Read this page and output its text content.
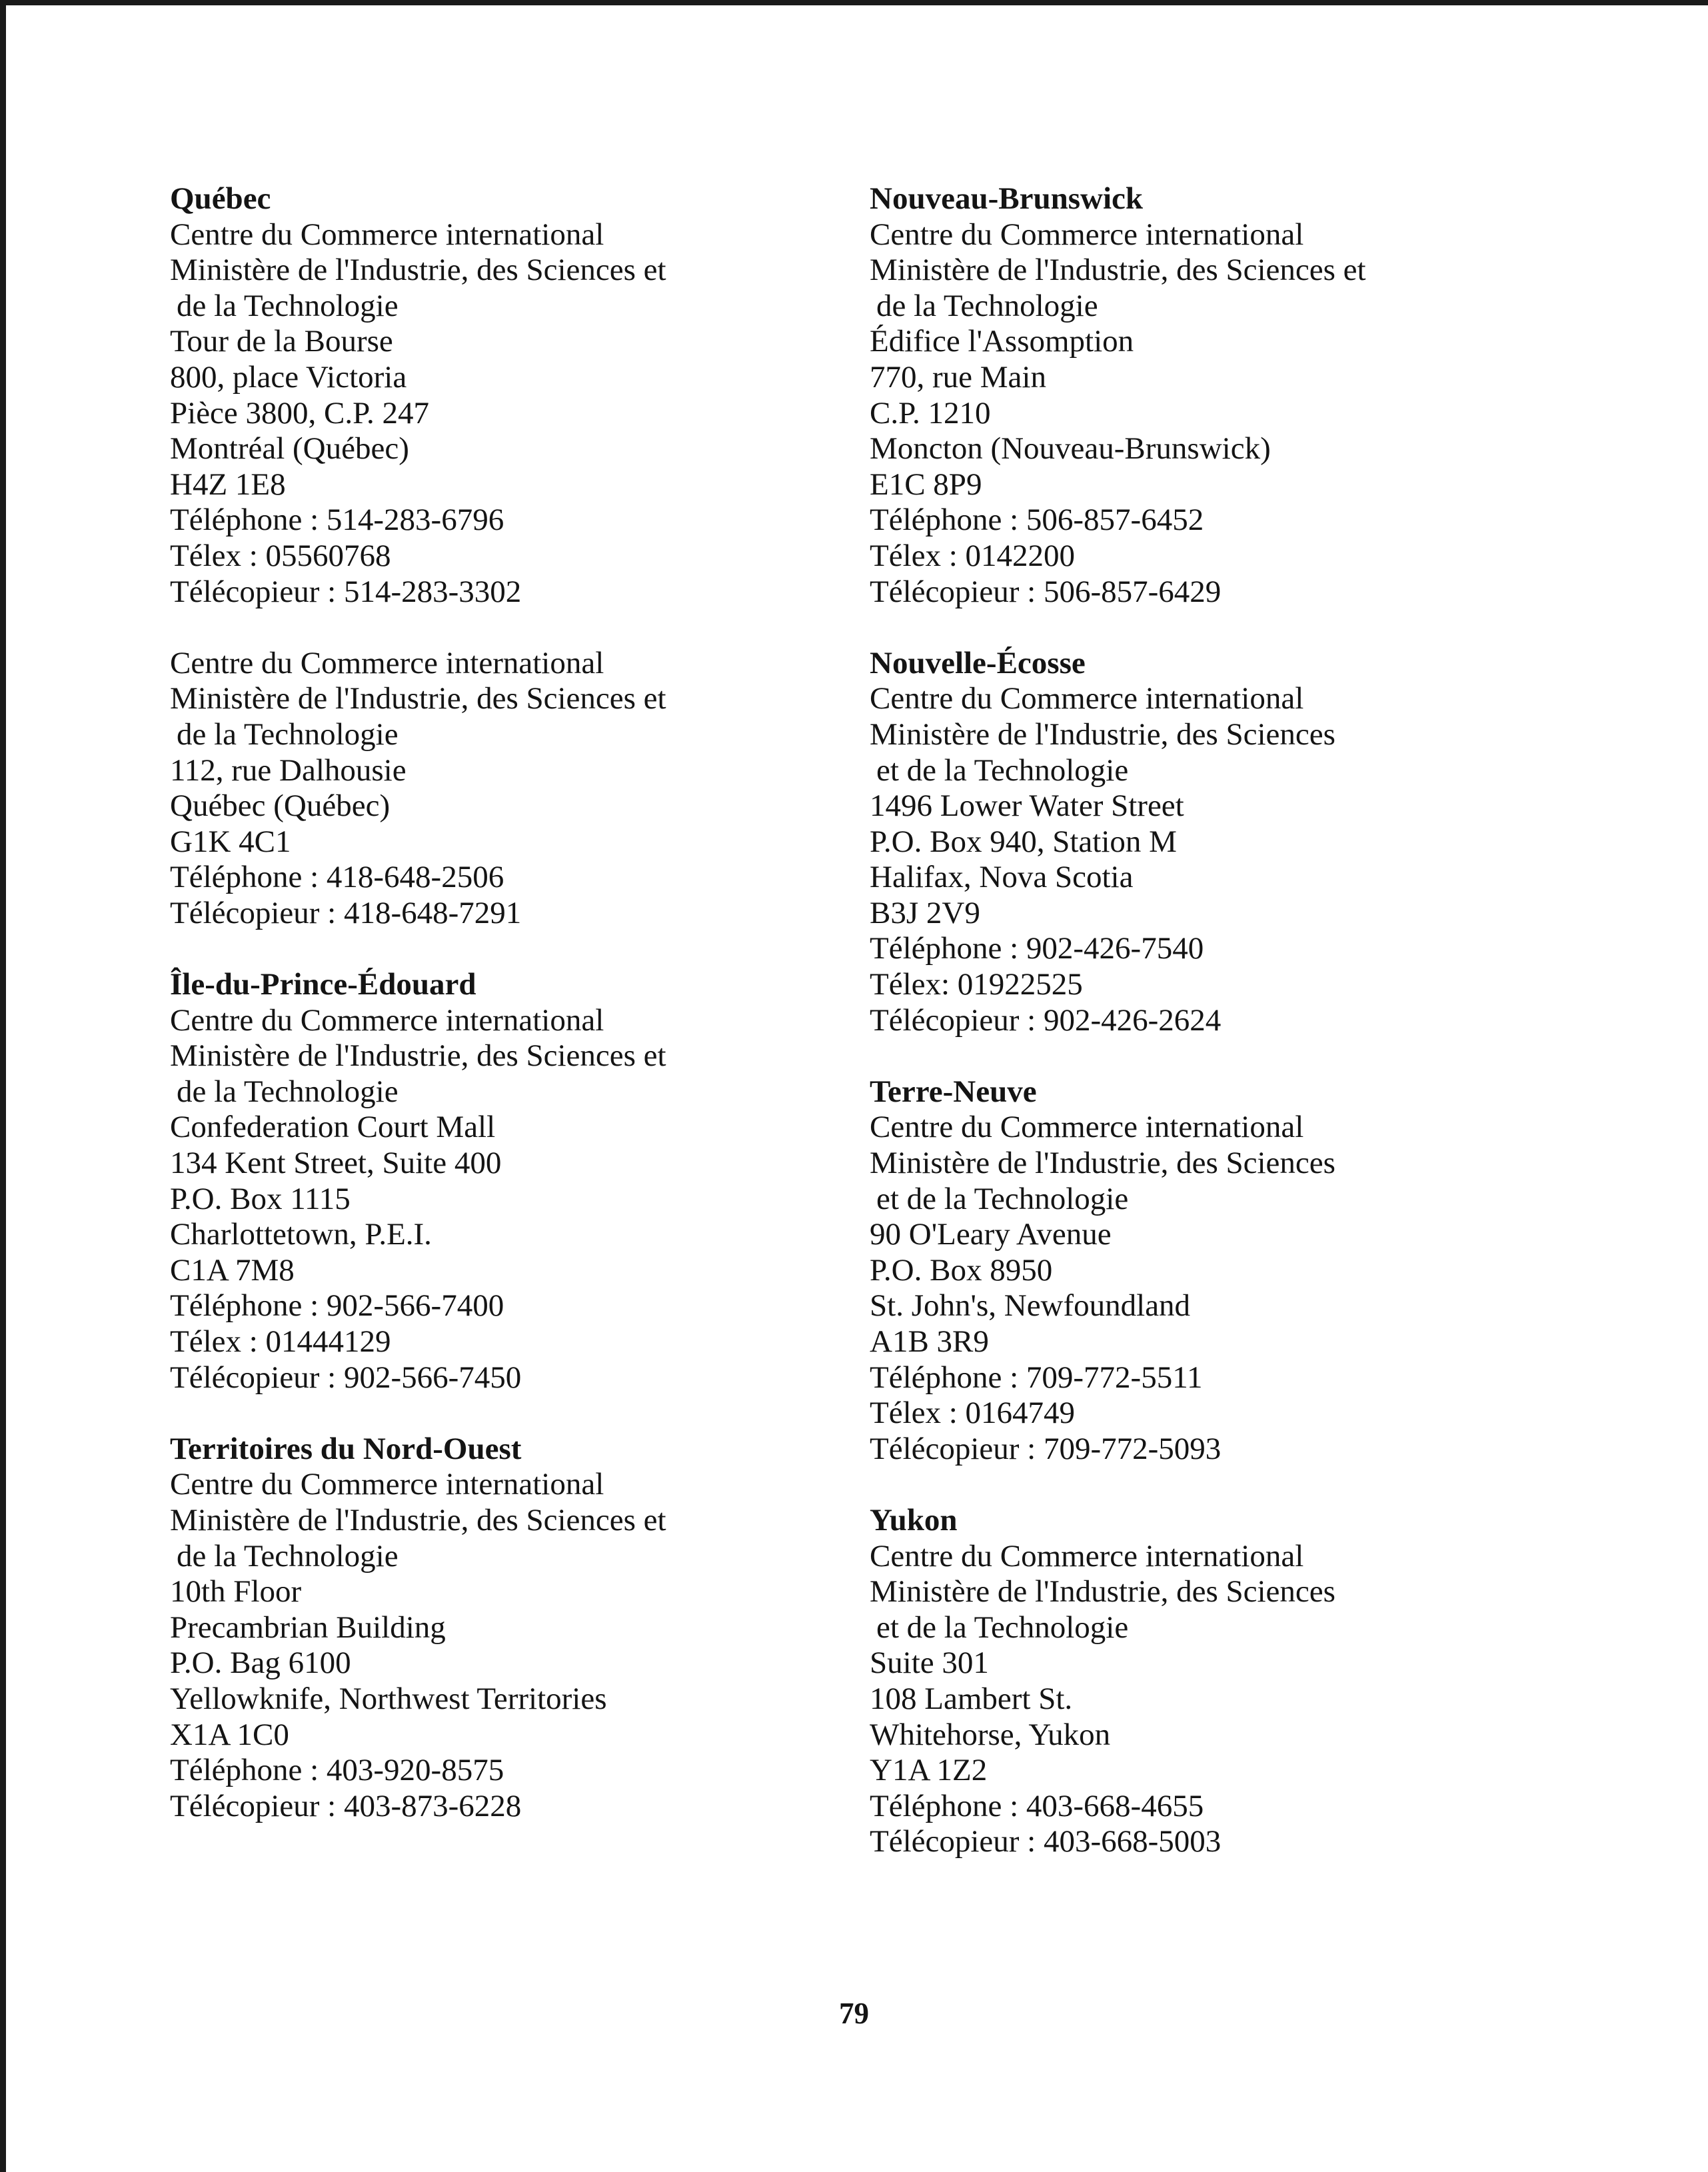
Québec
Centre du Commerce international
Ministère de l'Industrie, des Sciences et
de la Technologie
Tour de la Bourse
800, place Victoria
Pièce 3800, C.P. 247
Montréal (Québec)
H4Z 1E8
Téléphone : 514-283-6796
Télex : 05560768
Télécopieur : 514-283-3302
Centre du Commerce international
Ministère de l'Industrie, des Sciences et
de la Technologie
112, rue Dalhousie
Québec (Québec)
G1K 4C1
Téléphone : 418-648-2506
Télécopieur : 418-648-7291
Île-du-Prince-Édouard
Centre du Commerce international
Ministère de l'Industrie, des Sciences et
de la Technologie
Confederation Court Mall
134 Kent Street, Suite 400
P.O. Box 1115
Charlottetown, P.E.I.
C1A 7M8
Téléphone : 902-566-7400
Télex : 01444129
Télécopieur : 902-566-7450
Territoires du Nord-Ouest
Centre du Commerce international
Ministère de l'Industrie, des Sciences et
de la Technologie
10th Floor
Precambrian Building
P.O. Bag 6100
Yellowknife, Northwest Territories
X1A 1C0
Téléphone : 403-920-8575
Télécopieur : 403-873-6228
Nouveau-Brunswick
Centre du Commerce international
Ministère de l'Industrie, des Sciences et
de la Technologie
Édifice l'Assomption
770, rue Main
C.P. 1210
Moncton (Nouveau-Brunswick)
E1C 8P9
Téléphone : 506-857-6452
Télex : 0142200
Télécopieur : 506-857-6429
Nouvelle-Écosse
Centre du Commerce international
Ministère de l'Industrie, des Sciences
et de la Technologie
1496 Lower Water Street
P.O. Box 940, Station M
Halifax, Nova Scotia
B3J 2V9
Téléphone : 902-426-7540
Télex: 01922525
Télécopieur : 902-426-2624
Terre-Neuve
Centre du Commerce international
Ministère de l'Industrie, des Sciences
et de la Technologie
90 O'Leary Avenue
P.O. Box 8950
St. John's, Newfoundland
A1B 3R9
Téléphone : 709-772-5511
Télex : 0164749
Télécopieur : 709-772-5093
Yukon
Centre du Commerce international
Ministère de l'Industrie, des Sciences
et de la Technologie
Suite 301
108 Lambert St.
Whitehorse, Yukon
Y1A 1Z2
Téléphone : 403-668-4655
Télécopieur : 403-668-5003
79
